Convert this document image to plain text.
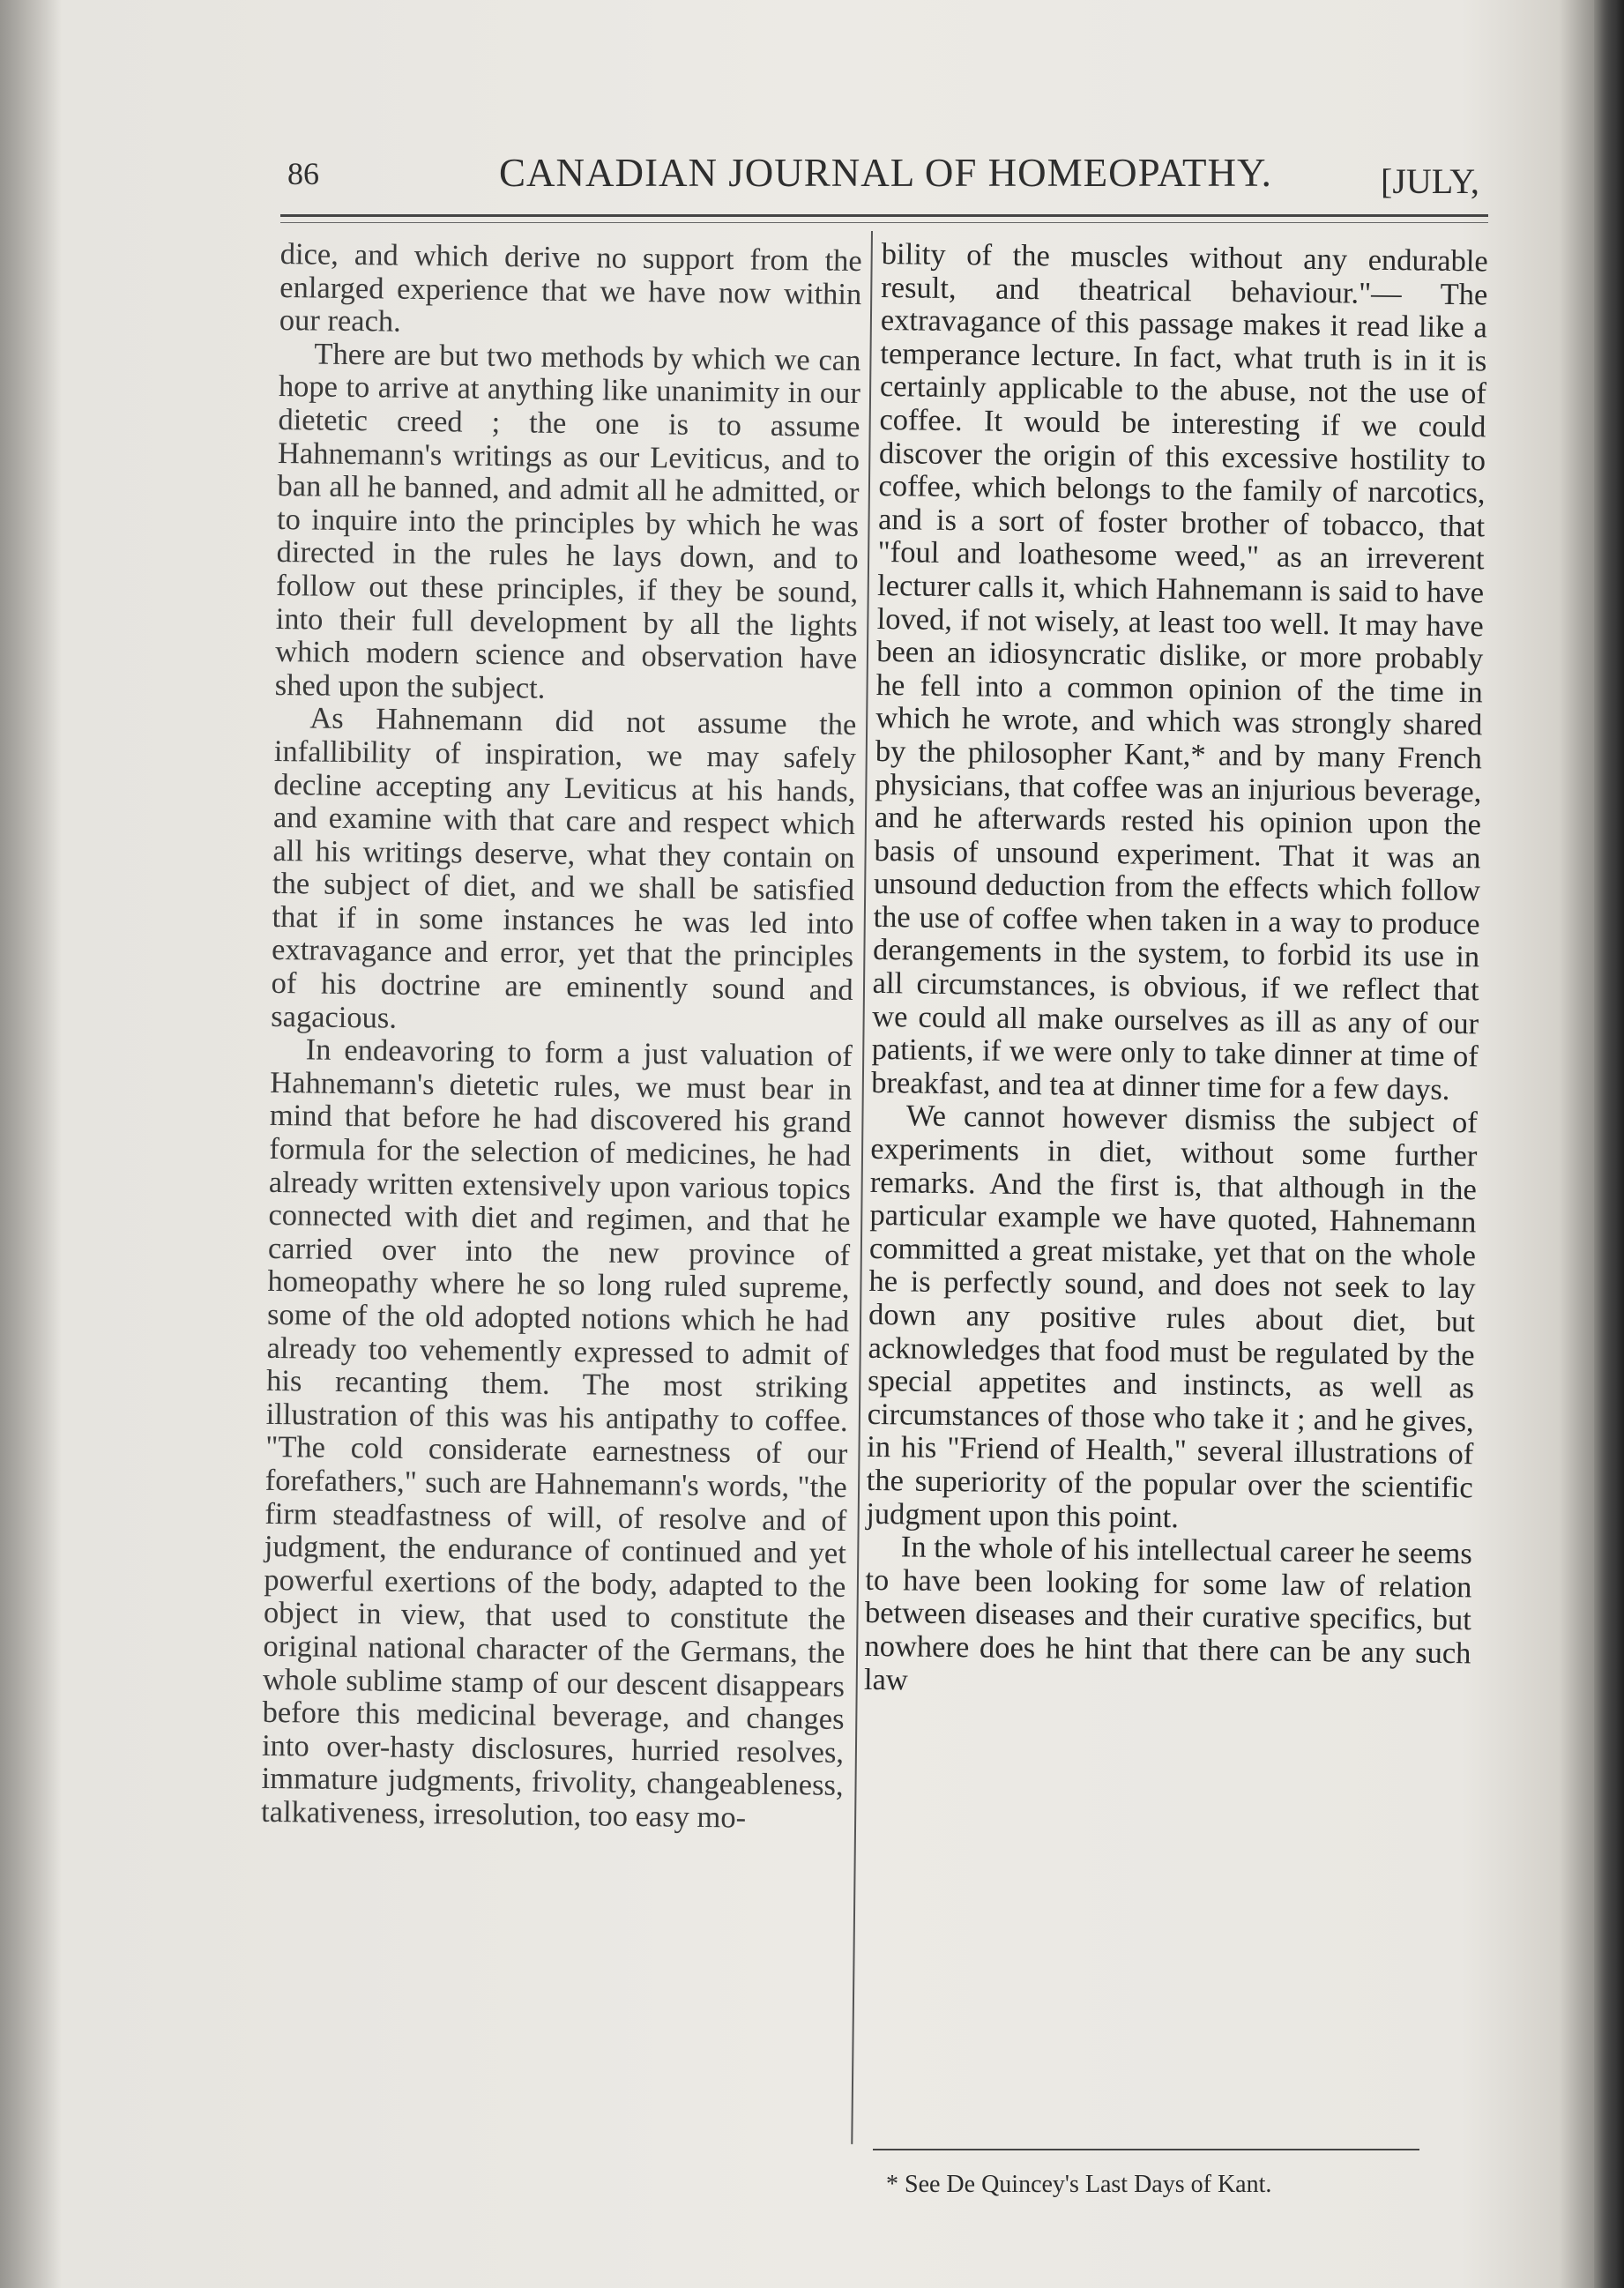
86	CANADIAN JOURNAL OF HOMEOPATHY.	[JULY,

dice, and which derive no support from the enlarged experience that we have now within our reach.

There are but two methods by which we can hope to arrive at anything like unanimity in our dietetic creed ; the one is to assume Hahnemann's writings as our Leviticus, and to ban all he banned, and admit all he admitted, or to inquire into the principles by which he was directed in the rules he lays down, and to follow out these principles, if they be sound, into their full development by all the lights which modern science and observation have shed upon the subject.

As Hahnemann did not assume the infallibility of inspiration, we may safely decline accepting any Leviticus at his hands, and examine with that care and respect which all his writings deserve, what they contain on the subject of diet, and we shall be satisfied that if in some instances he was led into extravagance and error, yet that the principles of his doctrine are eminently sound and sagacious.

In endeavoring to form a just valuation of Hahnemann's dietetic rules, we must bear in mind that before he had discovered his grand formula for the selection of medicines, he had already written extensively upon various topics connected with diet and regimen, and that he carried over into the new province of homeopathy where he so long ruled supreme, some of the old adopted notions which he had already too vehemently expressed to admit of his recanting them. The most striking illustration of this was his antipathy to coffee. "The cold considerate earnestness of our forefathers," such are Hahnemann's words, "the firm steadfastness of will, of resolve and of judgment, the endurance of continued and yet powerful exertions of the body, adapted to the object in view, that used to constitute the original national character of the Germans, the whole sublime stamp of our descent disappears before this medicinal beverage, and changes into over-hasty disclosures, hurried resolves, immature judgments, frivolity, changeableness, talkativeness, irresolution, too easy mo-

bility of the muscles without any endurable result, and theatrical behaviour."— The extravagance of this passage makes it read like a temperance lecture. In fact, what truth is in it is certainly applicable to the abuse, not the use of coffee. It would be interesting if we could discover the origin of this excessive hostility to coffee, which belongs to the family of narcotics, and is a sort of foster brother of tobacco, that "foul and loathesome weed," as an irreverent lecturer calls it, which Hahnemann is said to have loved, if not wisely, at least too well. It may have been an idiosyncratic dislike, or more probably he fell into a common opinion of the time in which he wrote, and which was strongly shared by the philosopher Kant,* and by many French physicians, that coffee was an injurious beverage, and he afterwards rested his opinion upon the basis of unsound experiment. That it was an unsound deduction from the effects which follow the use of coffee when taken in a way to produce derangements in the system, to forbid its use in all circumstances, is obvious, if we reflect that we could all make ourselves as ill as any of our patients, if we were only to take dinner at time of breakfast, and tea at dinner time for a few days.

We cannot however dismiss the subject of experiments in diet, without some further remarks. And the first is, that although in the particular example we have quoted, Hahnemann committed a great mistake, yet that on the whole he is perfectly sound, and does not seek to lay down any positive rules about diet, but acknowledges that food must be regulated by the special appetites and instincts, as well as circumstances of those who take it ; and he gives, in his "Friend of Health," several illustrations of the superiority of the popular over the scientific judgment upon this point.

In the whole of his intellectual career he seems to have been looking for some law of relation between diseases and their curative specifics, but nowhere does he hint that there can be any such law

* See De Quincey's Last Days of Kant.
